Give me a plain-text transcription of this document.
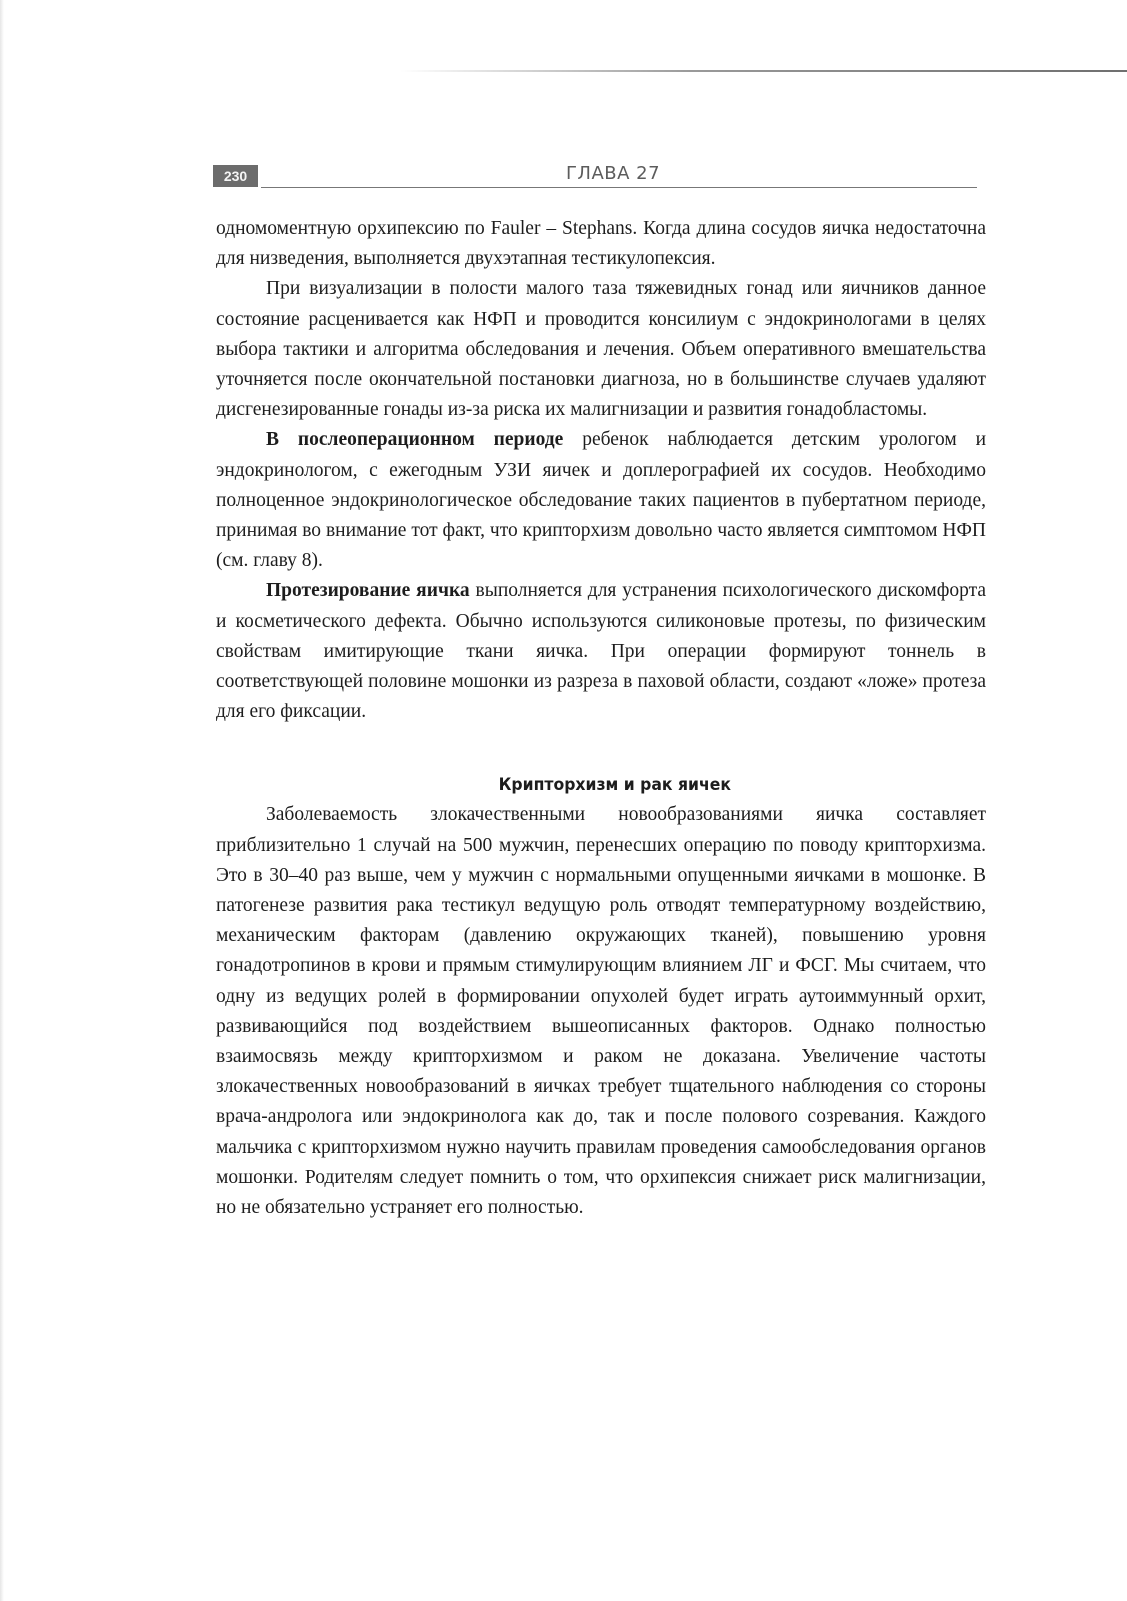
230	ГЛАВА 27

одномоментную орхипексию по Fauler – Stephans. Когда длина сосудов яичка недостаточна для низведения, выполняется двухэтапная тестикулопексия.

При визуализации в полости малого таза тяжевидных гонад или яичников данное состояние расценивается как НФП и проводится консилиум с эндокринологами в целях выбора тактики и алгоритма обследования и лечения. Объем оперативного вмешательства уточняется после окончательной постановки диагноза, но в большинстве случаев удаляют дисгенезированные гонады из-за риска их малигнизации и развития гонадобластомы.

В послеоперационном периоде ребенок наблюдается детским урологом и эндокринологом, с ежегодным УЗИ яичек и доплерографией их сосудов. Необходимо полноценное эндокринологическое обследование таких пациентов в пубертатном периоде, принимая во внимание тот факт, что крипторхизм довольно часто является симптомом НФП (см. главу 8).

Протезирование яичка выполняется для устранения психологического дискомфорта и косметического дефекта. Обычно используются силиконовые протезы, по физическим свойствам имитирующие ткани яичка. При операции формируют тоннель в соответствующей половине мошонки из разреза в паховой области, создают «ложе» протеза для его фиксации.

Крипторхизм и рак яичек

Заболеваемость злокачественными новообразованиями яичка составляет приблизительно 1 случай на 500 мужчин, перенесших операцию по поводу крипторхизма. Это в 30–40 раз выше, чем у мужчин с нормальными опущенными яичками в мошонке. В патогенезе развития рака тестикул ведущую роль отводят температурному воздействию, механическим факторам (давлению окружающих тканей), повышению уровня гонадотропинов в крови и прямым стимулирующим влиянием ЛГ и ФСГ. Мы считаем, что одну из ведущих ролей в формировании опухолей будет играть аутоиммунный орхит, развивающийся под воздействием вышеописанных факторов. Однако полностью взаимосвязь между крипторхизмом и раком не доказана. Увеличение частоты злокачественных новообразований в яичках требует тщательного наблюдения со стороны врача-андролога или эндокринолога как до, так и после полового созревания. Каждого мальчика с крипторхизмом нужно научить правилам проведения самообследования органов мошонки. Родителям следует помнить о том, что орхипексия снижает риск малигнизации, но не обязательно устраняет его полностью.
